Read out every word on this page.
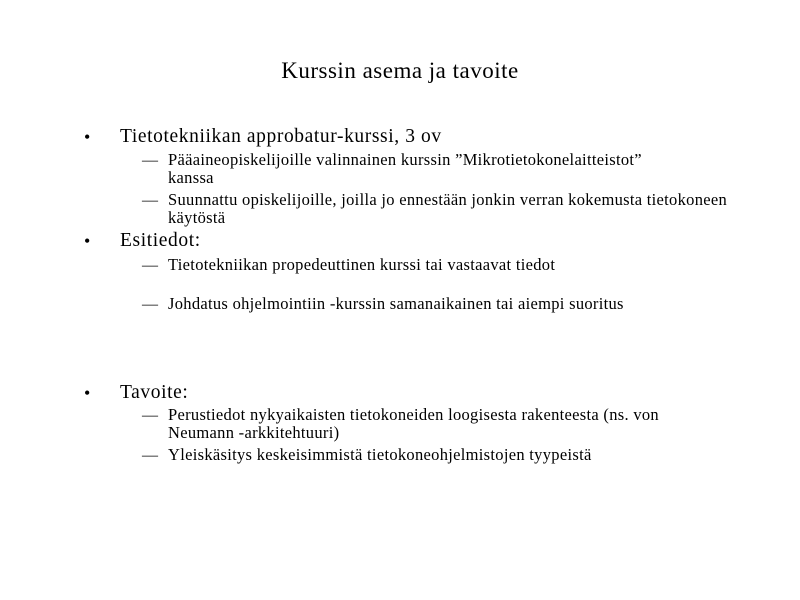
Kurssin asema ja tavoite
• Tietotekniikan approbatur-kurssi, 3 ov
— Pääaineopiskelijoille valinnainen kurssin ”Mikrotietokonelaitteistot” kanssa
— Suunnattu opiskelijoille, joilla jo ennestään jonkin verran kokemusta tietokoneen käytöstä
• Esitiedot:
— Tietotekniikan propedeuttinen kurssi tai vastaavat tiedot
— Johdatus ohjelmointiin -kurssin samanaikainen tai aiempi suoritus
• Tavoite:
— Perustiedot nykyaikaisten tietokoneiden loogisesta rakenteesta (ns. von Neumann -arkkitehtuuri)
— Yleiskäsitys keskeisimmistä tietokoneohjelmistojen tyypeistä
